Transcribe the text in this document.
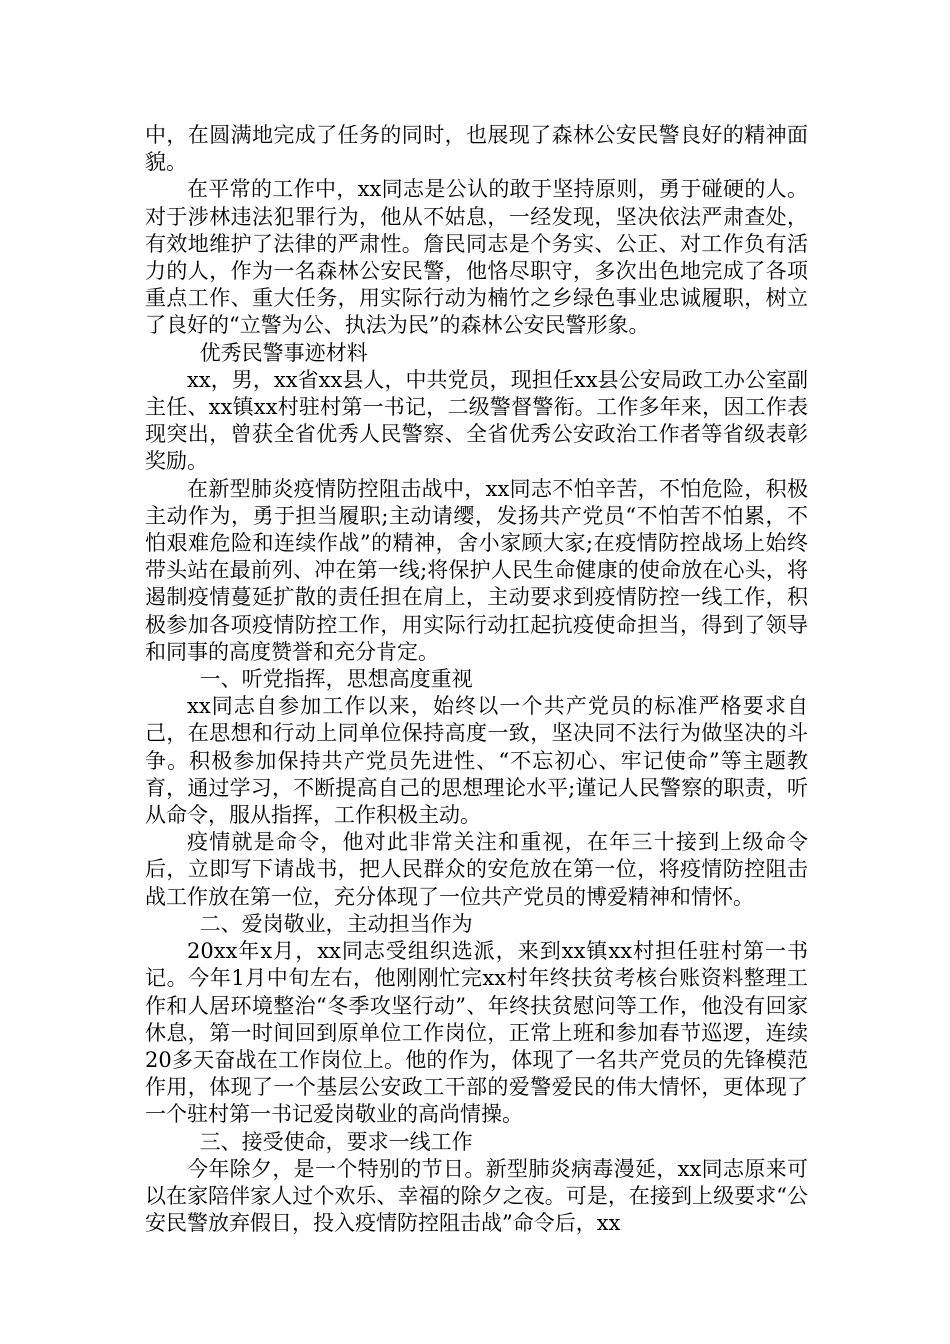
中，在圆满地完成了任务的同时，也展现了森林公安民警良好的精神面貌。

在平常的工作中，xx同志是公认的敢于坚持原则，勇于碰硬的人。对于涉林违法犯罪行为，他从不姑息，一经发现，坚决依法严肃查处，有效地维护了法律的严肃性。詹民同志是个务实、公正、对工作负有活力的人，作为一名森林公安民警，他恪尽职守，多次出色地完成了各项重点工作、重大任务，用实际行动为楠竹之乡绿色事业忠诚履职，树立了良好的“立警为公、执法为民”的森林公安民警形象。

优秀民警事迹材料

xx，男，xx省xx县人，中共党员，现担任xx县公安局政工办公室副主任、xx镇xx村驻村第一书记，二级警督警衔。工作多年来，因工作表现突出，曾获全省优秀人民警察、全省优秀公安政治工作者等省级表彰奖励。

在新型肺炎疫情防控阻击战中，xx同志不怕辛苦，不怕危险，积极主动作为，勇于担当履职;主动请缨，发扬共产党员“不怕苦不怕累，不怕艰难危险和连续作战”的精神，舍小家顾大家;在疫情防控战场上始终带头站在最前列、冲在第一线;将保护人民生命健康的使命放在心头，将遏制疫情蔓延扩散的责任担在肩上，主动要求到疫情防控一线工作，积极参加各项疫情防控工作，用实际行动扛起抗疫使命担当，得到了领导和同事的高度赞誉和充分肯定。

一、听党指挥，思想高度重视

xx同志自参加工作以来，始终以一个共产党员的标准严格要求自己，在思想和行动上同单位保持高度一致，坚决同不法行为做坚决的斗争。积极参加保持共产党员先进性、“不忘初心、牢记使命”等主题教育，通过学习，不断提高自己的思想理论水平;谨记人民警察的职责，听从命令，服从指挥，工作积极主动。

疫情就是命令，他对此非常关注和重视，在年三十接到上级命令后，立即写下请战书，把人民群众的安危放在第一位，将疫情防控阻击战工作放在第一位，充分体现了一位共产党员的博爱精神和情怀。

二、爱岗敬业，主动担当作为

20xx年x月，xx同志受组织选派，来到xx镇xx村担任驻村第一书记。今年1月中旬左右，他刚刚忙完xx村年终扶贫考核台账资料整理工作和人居环境整治“冬季攻坚行动”、年终扶贫慰问等工作，他没有回家休息，第一时间回到原单位工作岗位，正常上班和参加春节巡逻，连续20多天奋战在工作岗位上。他的作为，体现了一名共产党员的先锋模范作用，体现了一个基层公安政工干部的爱警爱民的伟大情怀，更体现了一个驻村第一书记爱岗敬业的高尚情操。

三、接受使命，要求一线工作

今年除夕，是一个特别的节日。新型肺炎病毒漫延，xx同志原来可以在家陪伴家人过个欢乐、幸福的除夕之夜。可是，在接到上级要求“公安民警放弃假日，投入疫情防控阻击战”命令后，xx
